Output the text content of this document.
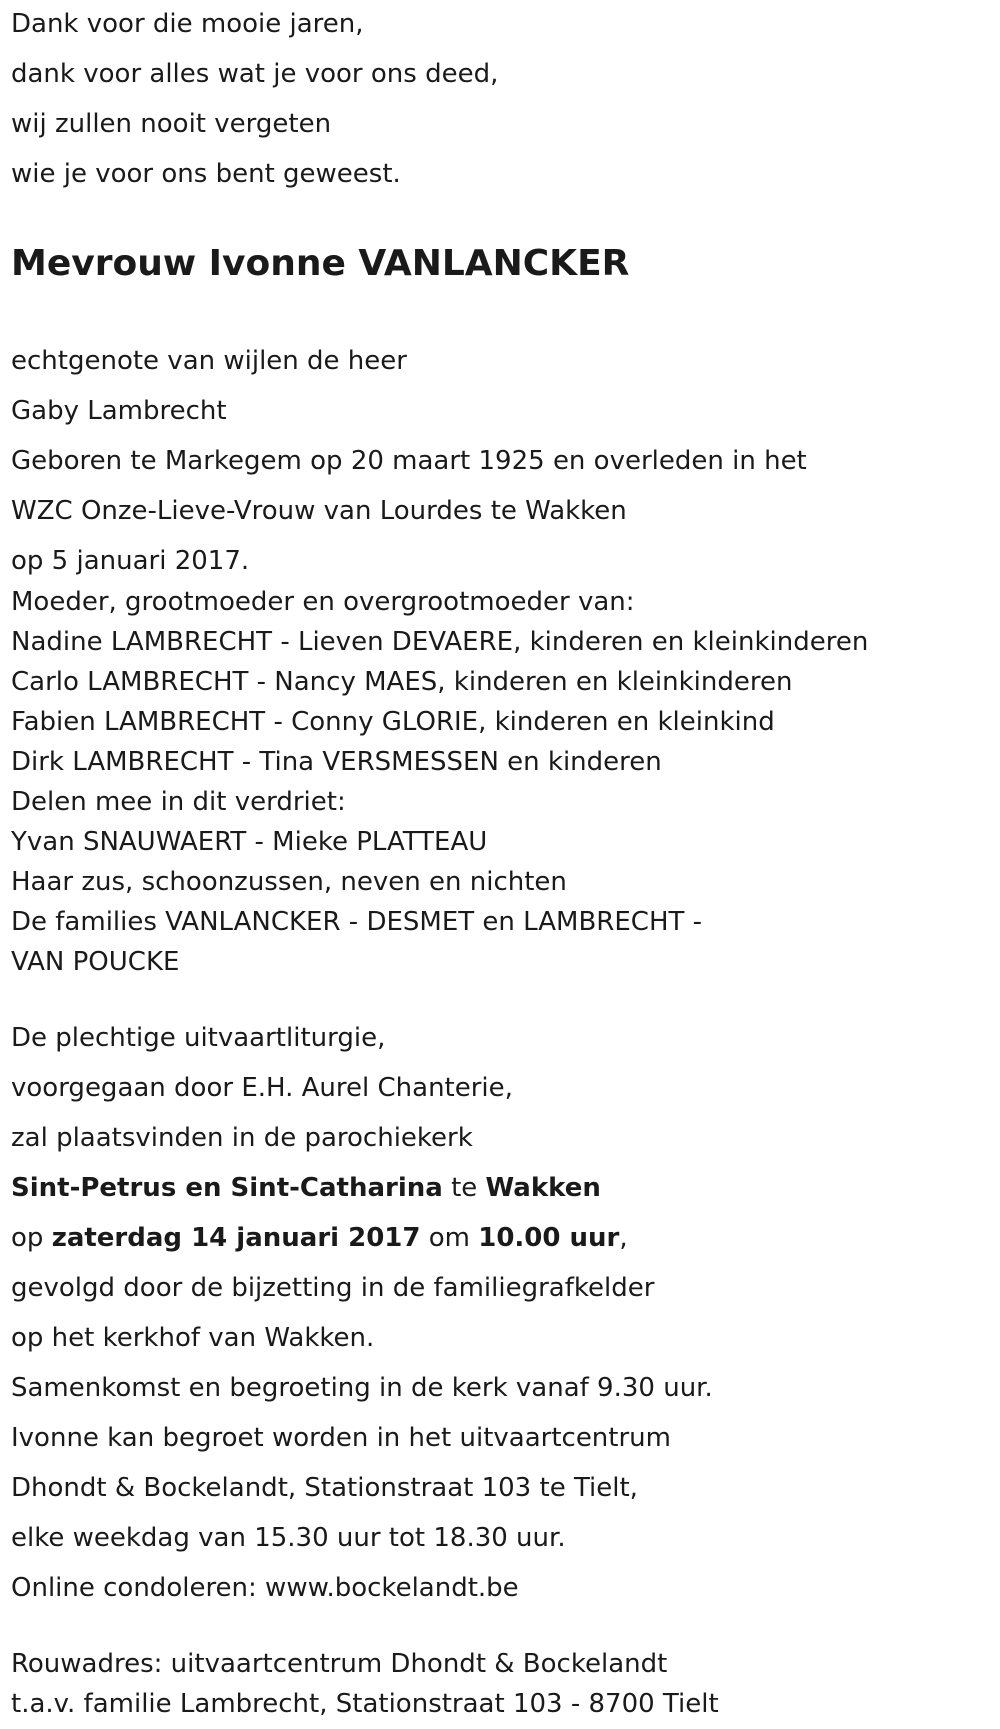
Dank voor die mooie jaren,

dank voor alles wat je voor ons deed,

wij zullen nooit vergeten

wie je voor ons bent geweest.

Mevrouw Ivonne VANLANCKER

echtgenote van wijlen de heer

Gaby Lambrecht

Geboren te Markegem op 20 maart 1925 en overleden in het

WZC Onze-Lieve-Vrouw van Lourdes te Wakken

op 5 januari 2017.

Moeder, grootmoeder en overgrootmoeder van:

Nadine LAMBRECHT - Lieven DEVAERE, kinderen en kleinkinderen

Carlo LAMBRECHT - Nancy MAES, kinderen en kleinkinderen

Fabien LAMBRECHT - Conny GLORIE, kinderen en kleinkind

Dirk LAMBRECHT - Tina VERSMESSEN en kinderen

Delen mee in dit verdriet:

Yvan SNAUWAERT - Mieke PLATTEAU

Haar zus, schoonzussen, neven en nichten

De families VANLANCKER - DESMET en LAMBRECHT -

VAN POUCKE

De plechtige uitvaartliturgie,

voorgegaan door E.H. Aurel Chanterie,

zal plaatsvinden in de parochiekerk

Sint-Petrus en Sint-Catharina te Wakken

op zaterdag 14 januari 2017 om 10.00 uur,

gevolgd door de bijzetting in de familiegrafkelder

op het kerkhof van Wakken.

Samenkomst en begroeting in de kerk vanaf 9.30 uur.

Ivonne kan begroet worden in het uitvaartcentrum

Dhondt & Bockelandt, Stationstraat 103 te Tielt,

elke weekdag van 15.30 uur tot 18.30 uur.

Online condoleren: www.bockelandt.be

Rouwadres: uitvaartcentrum Dhondt & Bockelandt

t.a.v. familie Lambrecht, Stationstraat 103 - 8700 Tielt
